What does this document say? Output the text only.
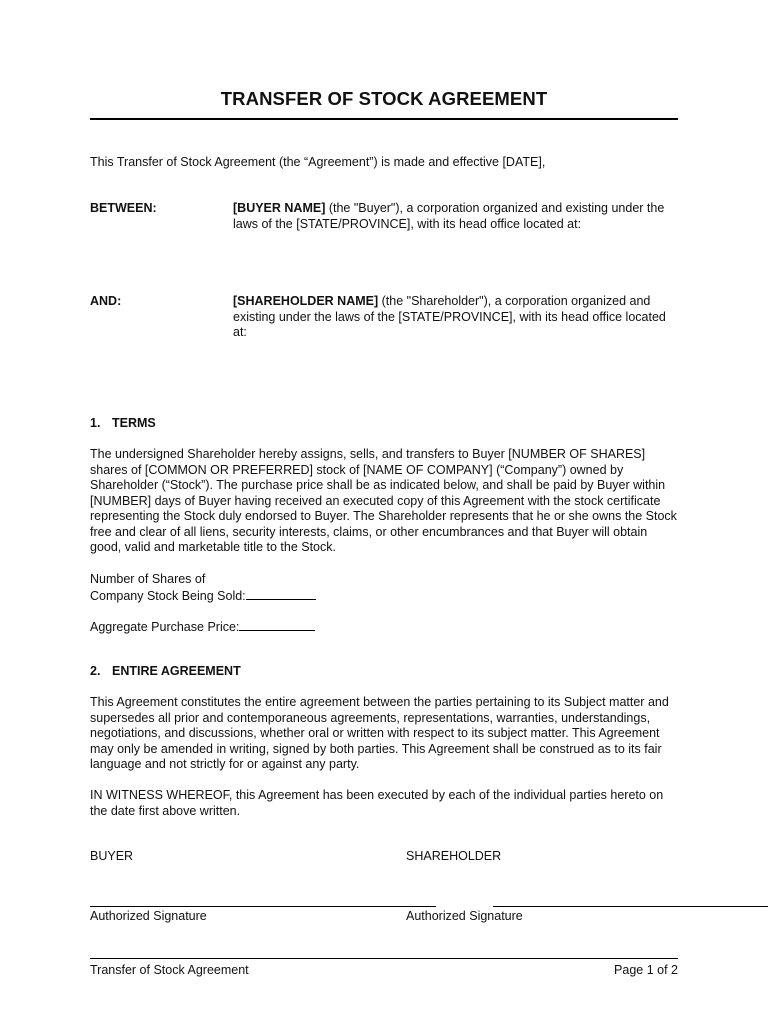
TRANSFER OF STOCK AGREEMENT
This Transfer of Stock Agreement (the “Agreement”) is made and effective [DATE],
BETWEEN:	[BUYER NAME] (the "Buyer"), a corporation organized and existing under the laws of the [STATE/PROVINCE], with its head office located at:
AND:	[SHAREHOLDER NAME] (the "Shareholder"), a corporation organized and existing under the laws of the [STATE/PROVINCE], with its head office located at:
1. TERMS
The undersigned Shareholder hereby assigns, sells, and transfers to Buyer [NUMBER OF SHARES] shares of [COMMON OR PREFERRED] stock of [NAME OF COMPANY] (“Company”) owned by Shareholder (“Stock”). The purchase price shall be as indicated below, and shall be paid by Buyer within [NUMBER] days of Buyer having received an executed copy of this Agreement with the stock certificate representing the Stock duly endorsed to Buyer. The Shareholder represents that he or she owns the Stock free and clear of all liens, security interests, claims, or other encumbrances and that Buyer will obtain good, valid and marketable title to the Stock.
Number of Shares of
Company Stock Being Sold:
Aggregate Purchase Price:
2. ENTIRE AGREEMENT
This Agreement constitutes the entire agreement between the parties pertaining to its Subject matter and supersedes all prior and contemporaneous agreements, representations, warranties, understandings, negotiations, and discussions, whether oral or written with respect to its subject matter. This Agreement may only be amended in writing, signed by both parties. This Agreement shall be construed as to its fair language and not strictly for or against any party.
IN WITNESS WHEREOF, this Agreement has been executed by each of the individual parties hereto on the date first above written.
BUYER	SHAREHOLDER
Authorized Signature	Authorized Signature
Transfer of Stock Agreement	Page 1 of 2
